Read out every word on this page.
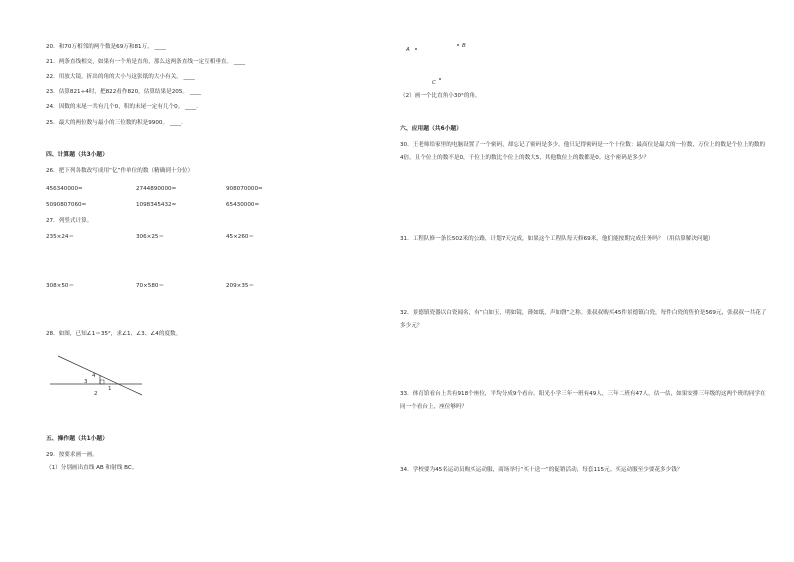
20．和70万相邻的两个数是69万和81万。 ____
21．两条直线相交，如果有一个角是直角，那么这两条直线一定互相垂直。 ____
22．用放大镜，折出的角的大小与这张纸的大小有关。 ____
23．估算821÷4时，把822看作820，估算结果是205。 ____
24．因数的末尾一共有几个0，积的末尾一定有几个0。 ____.
25．最大的两位数与最小的三位数的积是9900。 ____.
四、计算题（共3小题）
26．把下列各数改写成用“亿”作单位的数（精确到十分位）
456340000≈	2744890000≈	908070000≈
5090807060≈	1098345432≈	65430000≈
27．列竖式计算。
235×24＝	306×25＝	45×260＝
308×50＝	70×580＝	209×35＝
28．如图，已知∠1＝35°，求∠1、∠3、∠4的度数。
4
3
1
2
五、操作题（共1小题）
29．按要求画一画。
（1）分别画出直线 AB 和射线 BC。
A
B
C
（2）画一个比直角小30°的角。
六、应用题（共6小题）
30．王老师给家里的电脑设置了一个密码，却忘记了密码是多少，他只记得密码是一个十位数：最高位是最大的一位数，万位上的数是个位上的数的4倍，且个位上的数不是0，千位上的数比个位上的数大5，其他数位上的数都是0。这个密码是多少？
31．工程队修一条长502米的公路，计划7天完成，如果这个工程队每天修69米，他们能按期完成任务吗？（用估算解决问题）
32．景德镇瓷器以白瓷闻名，有“白如玉，明如镜，薄如纸，声如磬”之称。张叔叔购买45件景德镇白瓷，每件白瓷的售价是569元，张叔叔一共花了多少元？
33．体育馆看台上共有918个座位，平均分成9个看台。阳光小学三年一班有49人，三年二班有47人，估一估，如果安排三年级的这两个班的同学在同一个看台上，座位够吗？
34．学校要为45名运动员购买运动服，商场举行“买十送一”的促销活动，每套115元。买运动服至少要花多少钱？
